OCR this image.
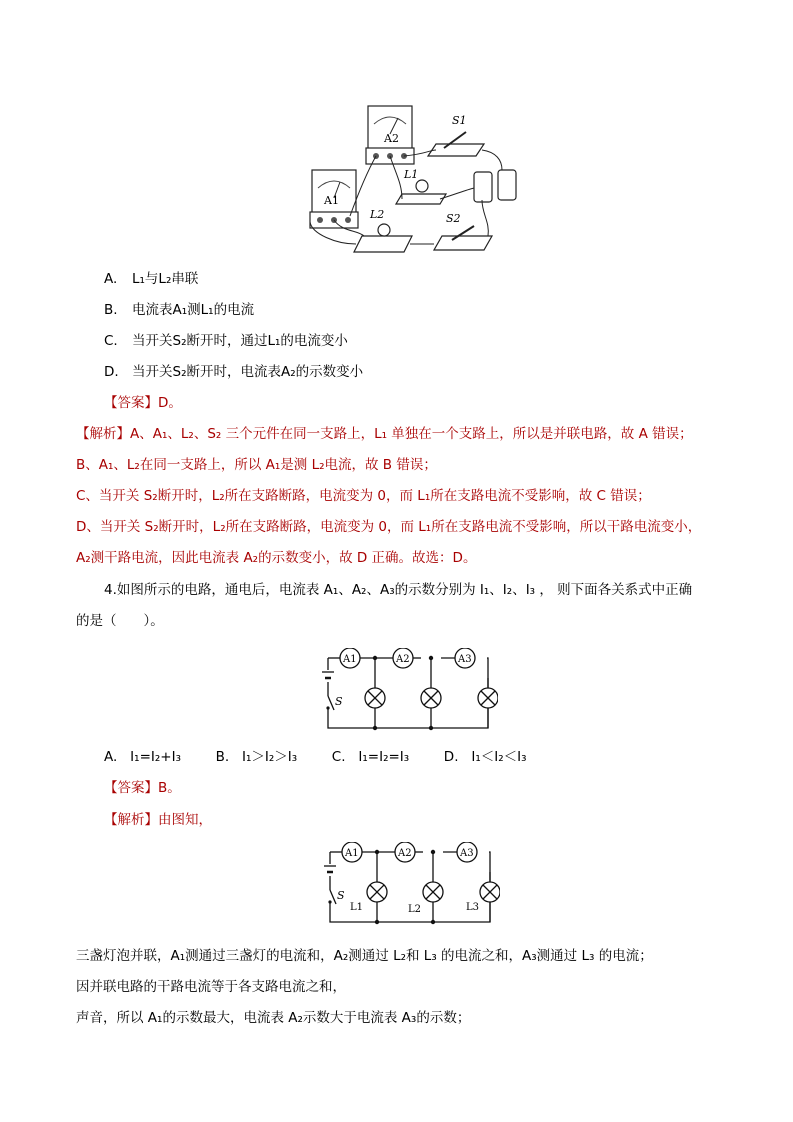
A2
A1
S1
L1
L2	S2
A. L₁与L₂串联
B. 电流表A₁测L₁的电流
C. 当开关S₂断开时，通过L₁的电流变小
D. 当开关S₂断开时，电流表A₂的示数变小
【答案】D。
【解析】A、A₁、L₂、S₂ 三个元件在同一支路上，L₁ 单独在一个支路上，所以是并联电路，故 A 错误；
B、A₁、L₂在同一支路上，所以 A₁是测 L₂电流，故 B 错误；
C、当开关 S₂断开时，L₂所在支路断路，电流变为 0，而 L₁所在支路电流不受影响，故 C 错误；
D、当开关 S₂断开时，L₂所在支路断路，电流变为 0，而 L₁所在支路电流不受影响，所以干路电流变小，
A₂测干路电流，因此电流表 A₂的示数变小，故 D 正确。故选：D。
4.如图所示的电路，通电后，电流表 A₁、A₂、A₃的示数分别为 I₁、I₂、I₃ ， 则下面各关系式中正确
的是（　　）。
S
A1	A2	A3
A. I₁=I₂+I₃	B. I₁＞I₂＞I₃	C. I₁=I₂=I₃	D. I₁＜I₂＜I₃
【答案】B。
【解析】由图知，
S
A1	A2	A3
L1	L2	L3
三盏灯泡并联，A₁测通过三盏灯的电流和，A₂测通过 L₂和 L₃ 的电流之和，A₃测通过 L₃ 的电流；
因并联电路的干路电流等于各支路电流之和，
声音，所以 A₁的示数最大，电流表 A₂示数大于电流表 A₃的示数；
